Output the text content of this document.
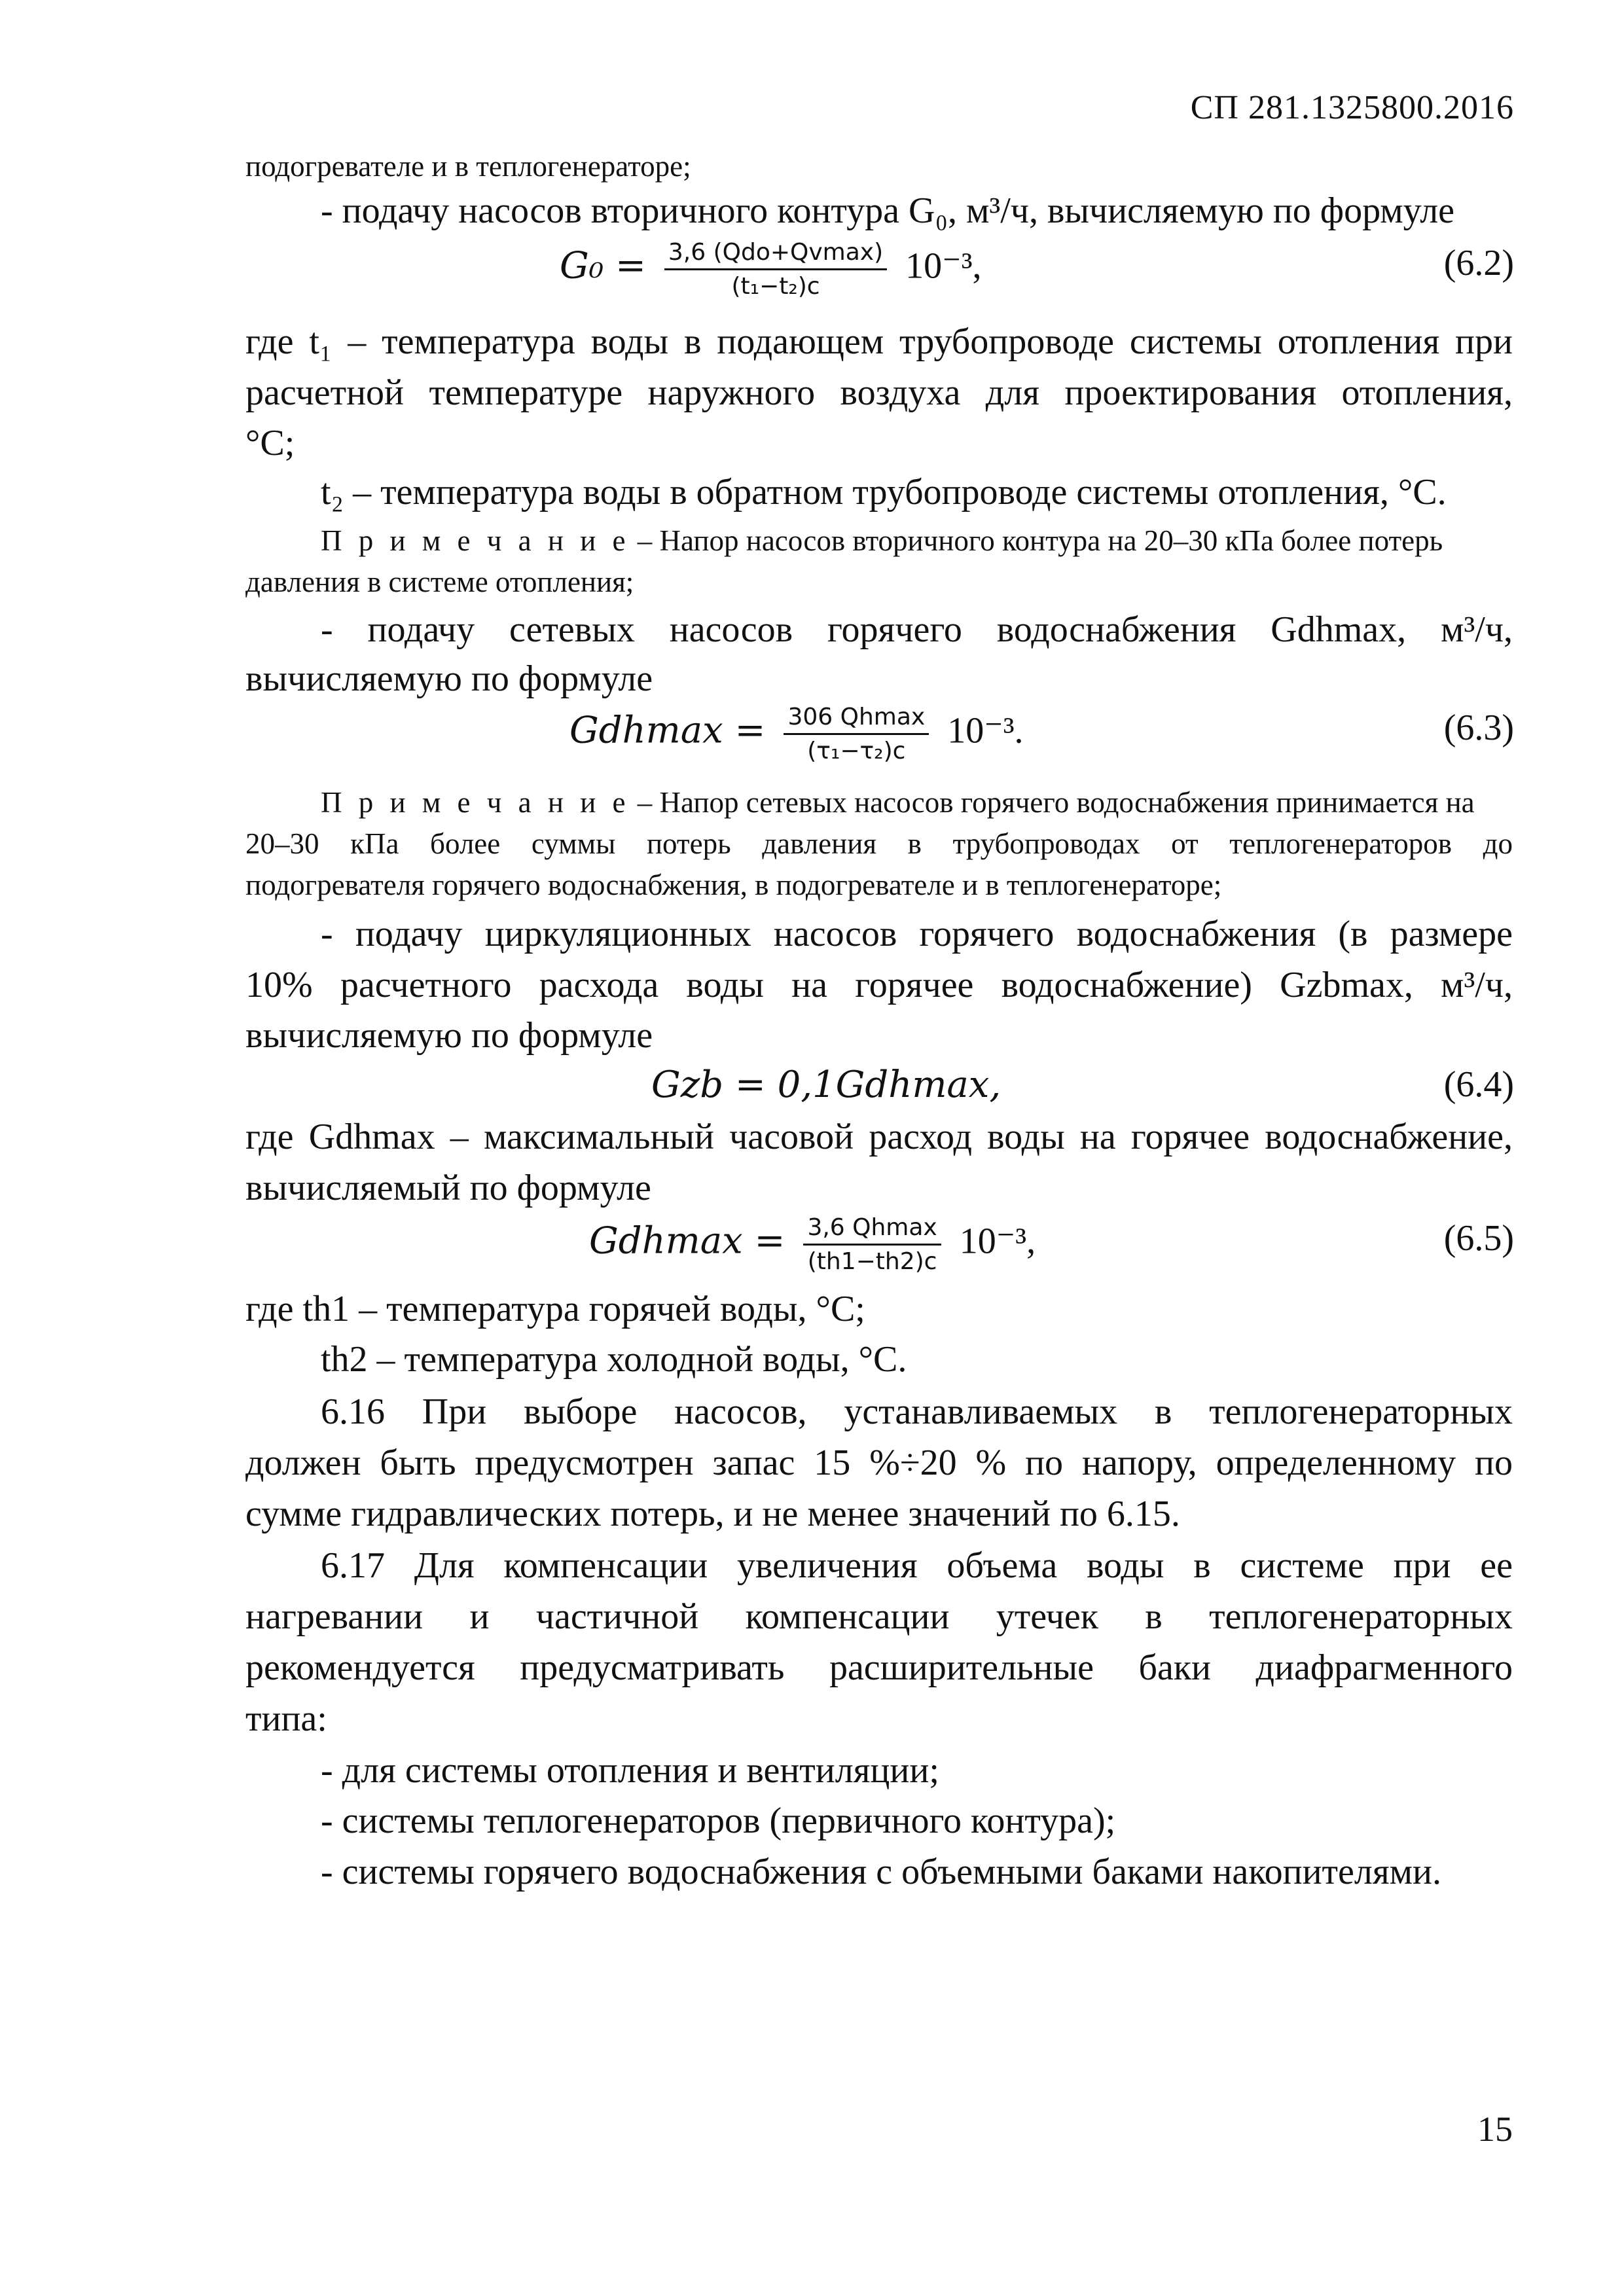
СП 281.1325800.2016
подогревателе и в теплогенераторе;
- подачу насосов вторичного контура G₀, м³/ч, вычисляемую по формуле
$G_0 = \frac{\text{3,6 (Qdo+Qvmax)}}{\text{(t₁−t₂)c}} 10^{-3}$,	(6.2)
где t₁ – температура воды в подающем трубопроводе системы отопления при
расчетной температуре наружного воздуха для проектирования отопления,
°С;
t₂ – температура воды в обратном трубопроводе системы отопления, °С.
П р и м е ч а н и е – Напор насосов вторичного контура на 20–30 кПа более потерь
давления в системе отопления;
- подачу сетевых насосов горячего водоснабжения Gdhmax, м³/ч,
вычисляемую по формуле
$Gdhmax = \frac{306 Qhmax}{\text{(τ₁−τ₂)c}} 10^{-3}$.	(6.3)
П р и м е ч а н и е – Напор сетевых насосов горячего водоснабжения принимается на
20–30 кПа более суммы потерь давления в трубопроводах от теплогенераторов до
подогревателя горячего водоснабжения, в подогревателе и в теплогенераторе;
- подачу циркуляционных насосов горячего водоснабжения (в размере
10% расчетного расхода воды на горячее водоснабжение) Gzbmax, м³/ч,
вычисляемую по формуле
Gzb = 0,1Gdhmax,	(6.4)
где Gdhmax – максимальный часовой расход воды на горячее водоснабжение,
вычисляемый по формуле
$Gdhmax = \frac{3,6 Qhmax}{(th1-th2)c} 10^{-3}$,	(6.5)
где th1 – температура горячей воды, °С;
th2 – температура холодной воды, °С.
6.16 При выборе насосов, устанавливаемых в теплогенераторных
должен быть предусмотрен запас 15 %÷20 % по напору, определенному по
сумме гидравлических потерь, и не менее значений по 6.15.
6.17 Для компенсации увеличения объема воды в системе при ее
нагревании и частичной компенсации утечек в теплогенераторных
рекомендуется предусматривать расширительные баки диафрагменного
типа:
- для системы отопления и вентиляции;
- системы теплогенераторов (первичного контура);
- системы горячего водоснабжения с объемными баками накопителями.
15
